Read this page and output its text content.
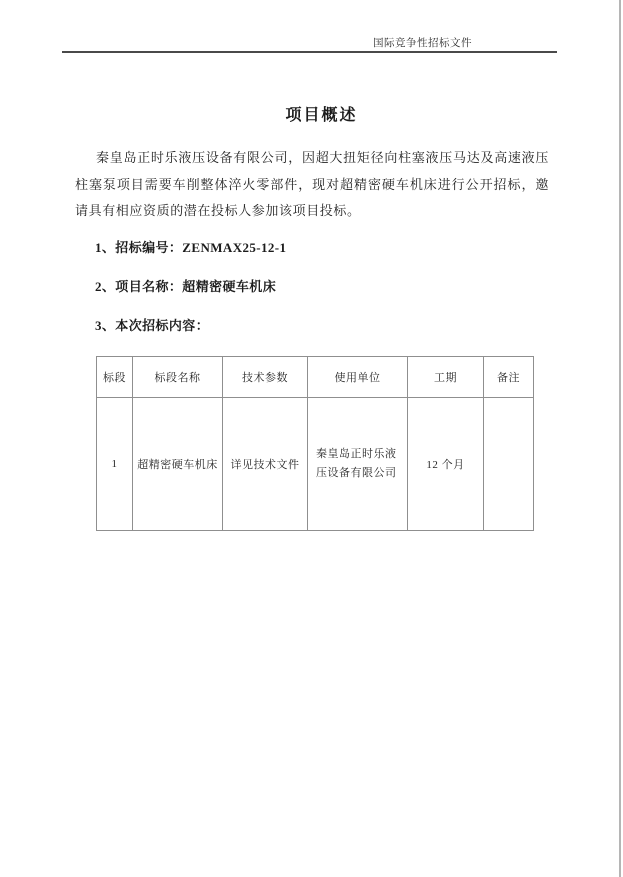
国际竞争性招标文件
项目概述

秦皇岛正时乐液压设备有限公司，因超大扭矩径向柱塞液压马达及高速液压柱塞泵项目需要车削整体淬火零部件，现对超精密硬车机床进行公开招标，邀请具有相应资质的潜在投标人参加该项目投标。

1、招标编号：ZENMAX25-12-1
2、项目名称：超精密硬车机床
3、本次招标内容：
标段	标段名称	技术参数	使用单位	工期	备注
1	超精密硬车机床	详见技术文件	秦皇岛正时乐液压设备有限公司	12 个月	
